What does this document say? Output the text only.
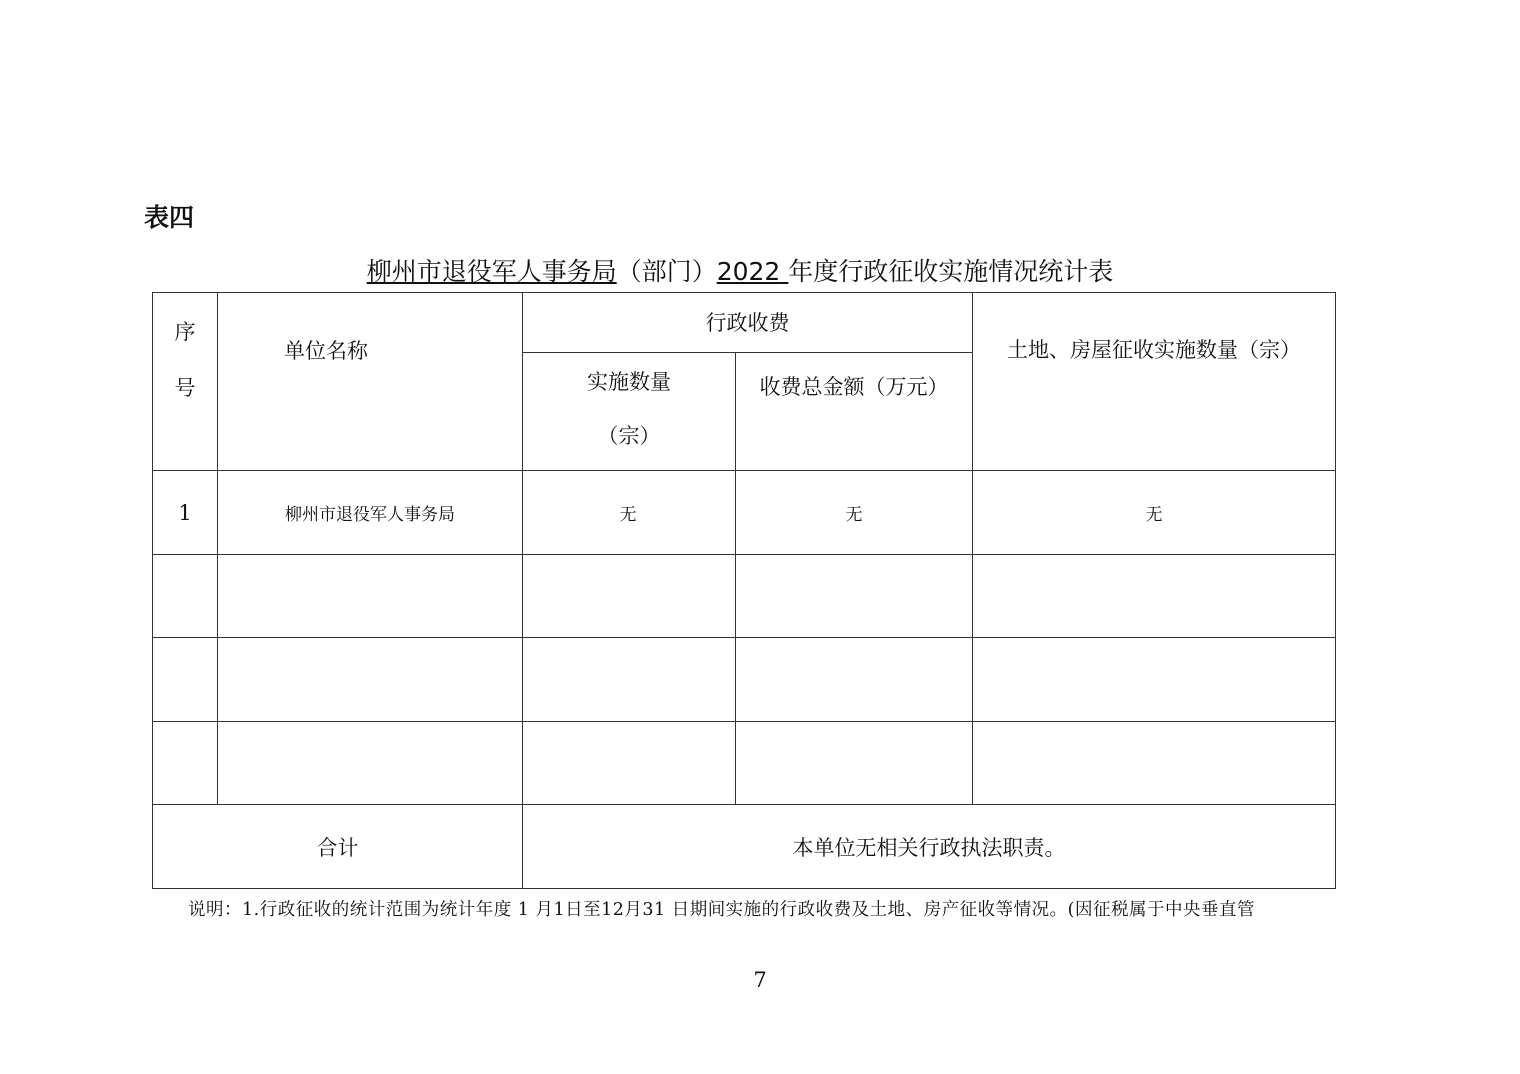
表四
柳州市退役军人事务局（部门）2022 年度行政征收实施情况统计表
序号	单位名称	行政收费		土地、房屋征收实施数量（宗）

		实施数量（宗）	收费总金额（万元）	
1	柳州市退役军人事务局	无	无	无

合计		本单位无相关行政执法职责。		
说明：1.行政征收的统计范围为统计年度 1 月1日至12月31 日期间实施的行政收费及土地、房产征收等情况。(因征税属于中央垂直管
7
